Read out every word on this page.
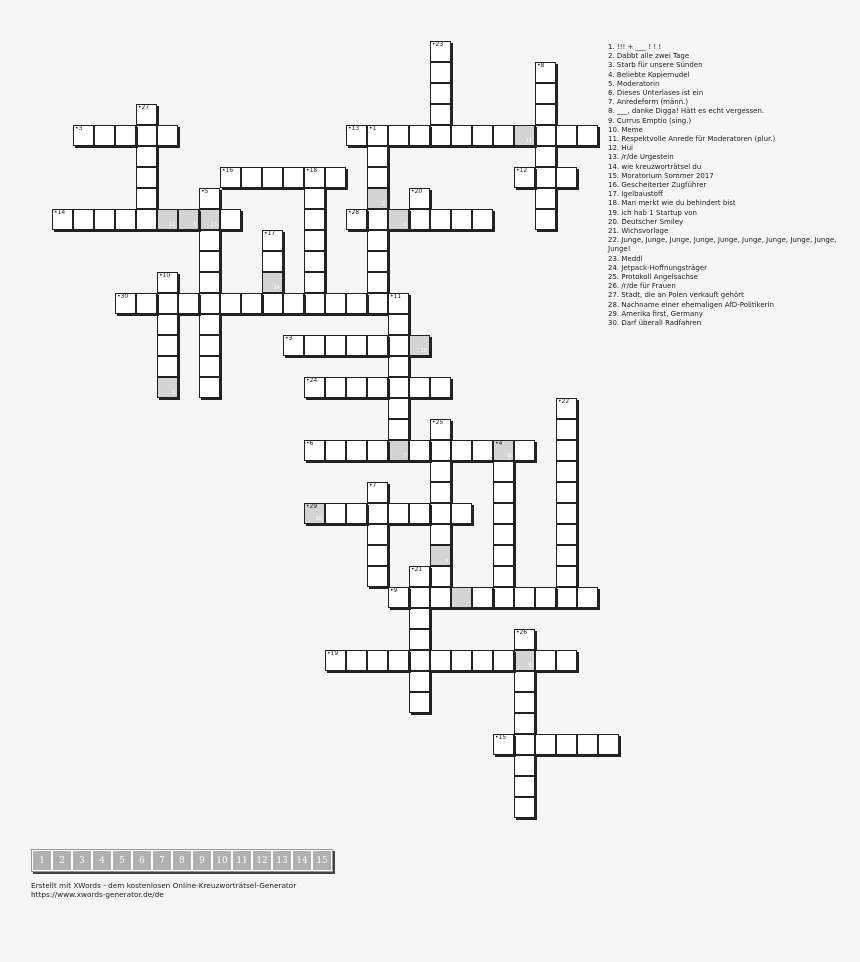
•23
•8
•27
•3	•13 •1
11
2
•16	•18	•12
•5
13
•20
•14
12	3
•28
4
•17
14
•10
5
•30	•11
7
•3
15
•24
•22
•25
9
•6	•4
8
•7
•29
10
•21
•9
•26
6
•19
•15
1. !!! + ___ ! ! !
2. Dabbt alle zwei Tage
3. Starb für unsere Sünden
4. Beliebte Kopiernudel
5. Moderatorin
6. Dieses Unterlases ist ein
7. Anredeform (männ.)
8. ___, danke Digga! Hätt es echt vergessen.
9. Currus Emptio (sing.)
10. Meme
11. Respektvolle Anrede für Moderatoren (plur.)
12. Hui
13. /r/de Urgestein
14. wie kreuzworträtsel du
15. Moratorium Sommer 2017
16. Gescheiterter Zugführer
17. Igelbaustoff
18. Man merkt wie du behindert bist
19. ich hab 1 Startup von
20. Deutscher Smiley
21. Wichsvorlage
22. Junge, Junge, Junge, Junge, Junge, Junge, Junge, Junge, Junge, Junge!
23. Meddl
24. Jetpack-Hoffnungsträger
25. Protokoll Angelsachse
26. /r/de für Frauen
27. Stadt, die an Polen verkauft gehört
28. Nachname einer ehemaligen AfD-Politikerin
29. Amerika first, Germany
30. Darf überall Radfahren
1	2	3	4	5	6	7	8	9	10 11 12 13 14 15
Erstellt mit XWords - dem kostenlosen Online-Kreuzworträtsel-Generator
https://www.xwords-generator.de/de
